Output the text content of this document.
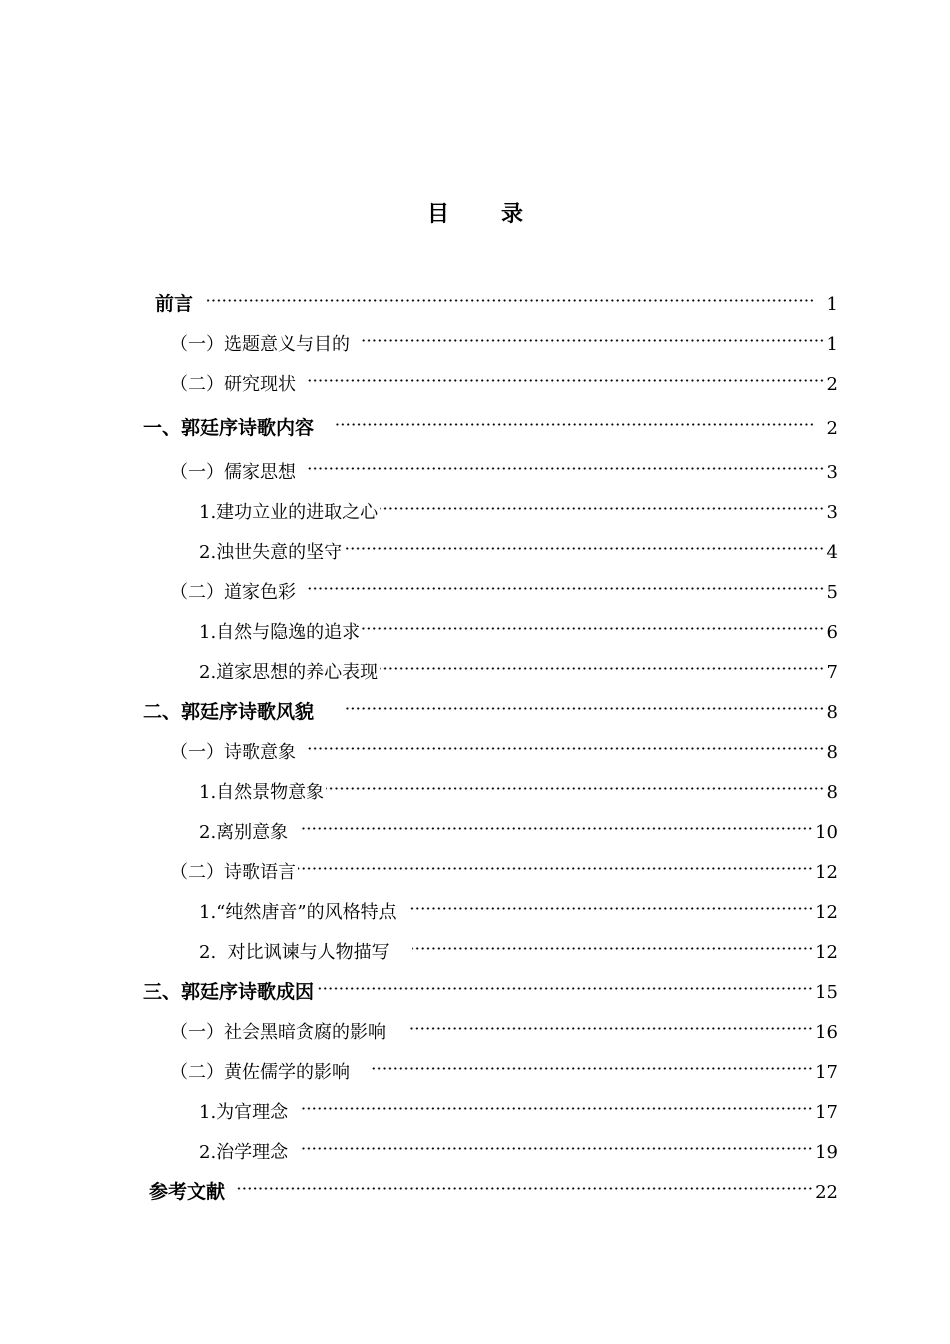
目录
前言	1
（一）选题意义与目的	1
（二）研究现状	2
一、郭廷序诗歌内容	2
（一）儒家思想	3
1.建功立业的进取之心	3
2.浊世失意的坚守	4
（二）道家色彩	5
1.自然与隐逸的追求	6
2.道家思想的养心表现	7
二、郭廷序诗歌风貌	8
（一）诗歌意象	8
1.自然景物意象	8
2.离别意象	10
（二）诗歌语言	12
1.“纯然唐音”的风格特点	12
2.  对比讽谏与人物描写	12
三、郭廷序诗歌成因	15
（一）社会黑暗贪腐的影响	16
（二）黄佐儒学的影响	17
1.为官理念	17
2.治学理念	19
参考文献	22
